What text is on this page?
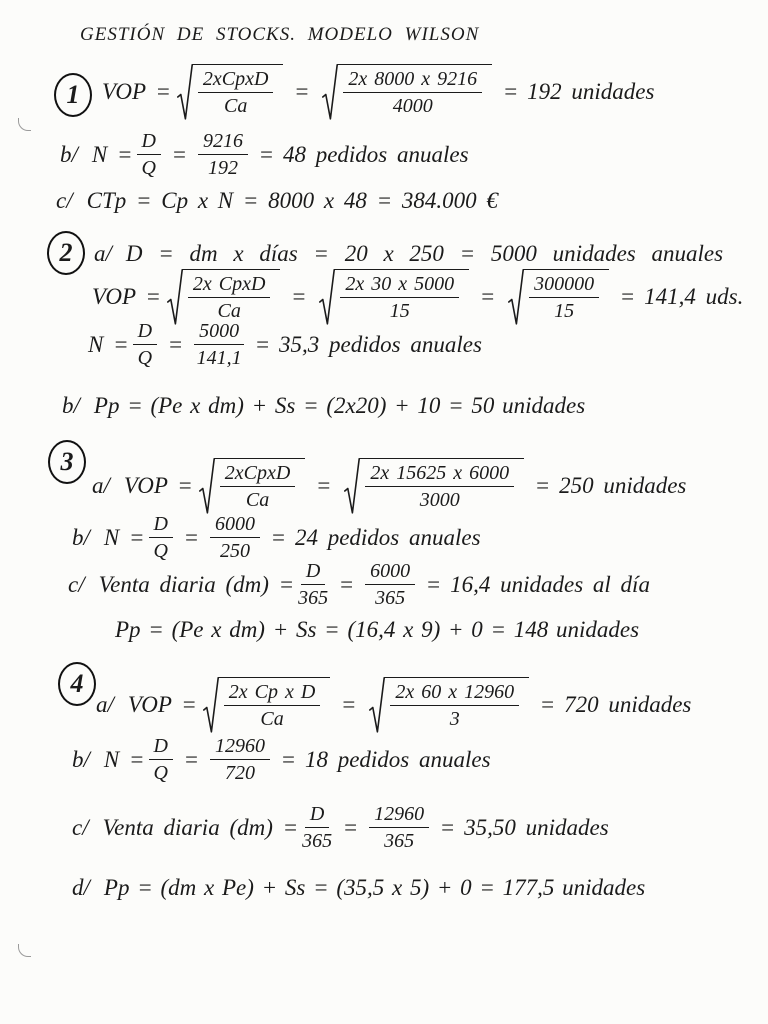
GESTIÓN DE STOCKS. MODELO WILSON
1 VOP = $\frac{\text{2xCpxD}}{Ca} = \frac{2x 8000 x 9216}{4000} = 192$ unidades
b/ $N = \frac{D}{Q} = \frac{9216}{192} = 48$ pedidos anuales
c/ CTp = Cp x N = 8000 x 48 = 384.000 €
2 a/ D = dm x días = 20 x 250 = 5000 unidades anuales
VOP = $\frac{\text{2x CpxD}}{Ca} = \frac{2x 30 x 5000}{15} = \frac{300000}{15} = 141,4$ uds.
$N = \frac{D}{Q} = \frac{5000}{141,1} = 35,3$ pedidos anuales
b/ Pp = (Pe x dm) + Ss = (2x20) + 10 = 50 unidades
3
a/ VOP = $\frac{\text{2xCpxD}}{Ca} = \frac{2x 15625 x 6000}{3000} = 250$ unidades
b/ $N = \frac{D}{Q} = \frac{6000}{250} = 24$ pedidos anuales
c/ Venta diaria $(dm) = \frac{D}{365} = \frac{6000}{365} = 16,4$ unidades al día
Pp = (Pe x dm) + Ss = (16,4 x 9) + 0 = 148 unidades
4
a/ VOP = $\frac{\text{2x Cp x D}}{Ca} = \frac{2x 60 x 12960}{3} = 720$ unidades
b/ $N = \frac{D}{Q} = \frac{12960}{720} = 18$ pedidos anuales
c/ Venta diaria $(dm) = \frac{D}{365} = \frac{12960}{365} = 35,50$ unidades
d/ Pp = (dm x Pe) + Ss = (35,5 x 5) + 0 = 177,5 unidades
